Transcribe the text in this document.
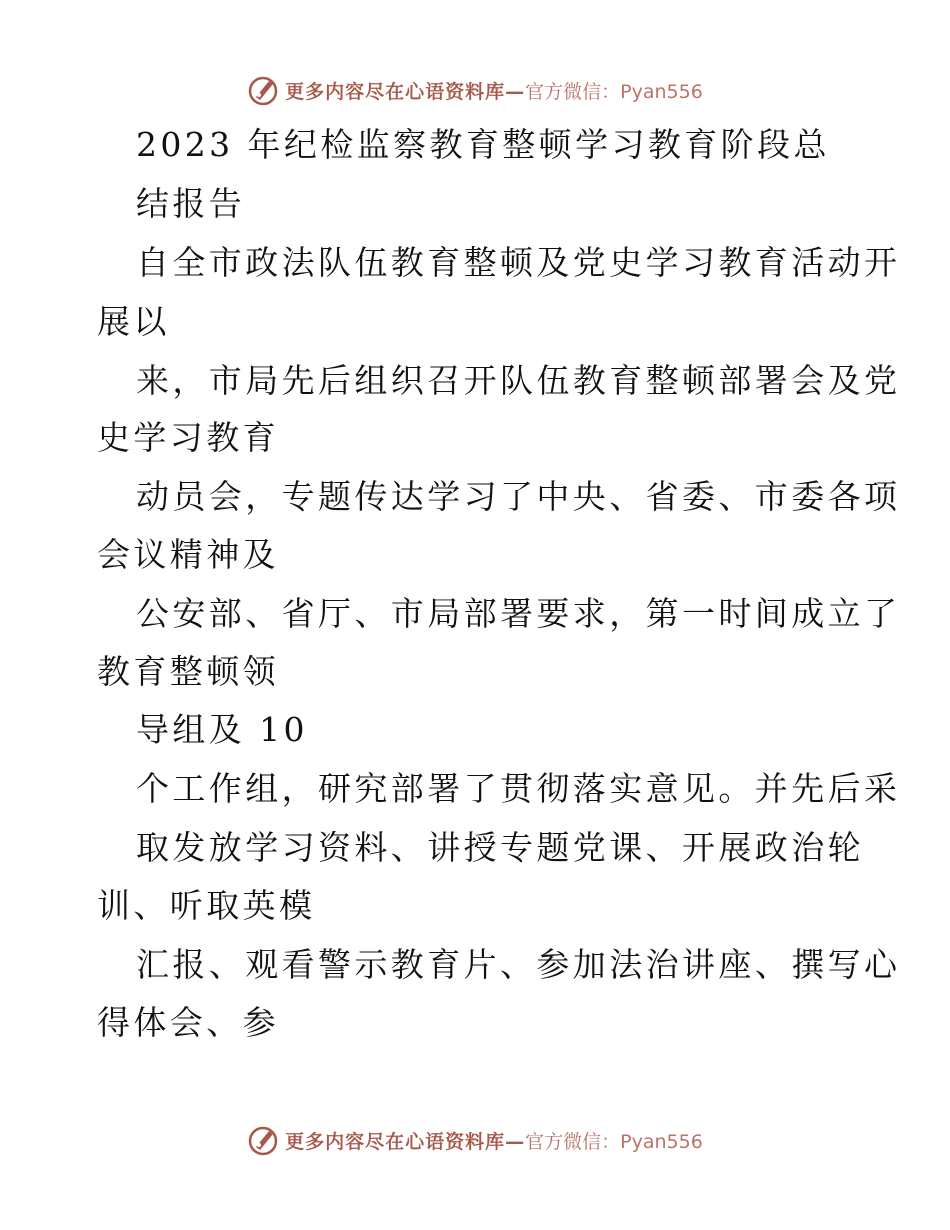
更多内容尽在心语资料库— 官方微信：Pyan556

2023 年纪检监察教育整顿学习教育阶段总

结报告

自全市政法队伍教育整顿及党史学习教育活动开

展以

来，市局先后组织召开队伍教育整顿部署会及党

史学习教育

动员会，专题传达学习了中央、省委、市委各项

会议精神及

公安部、省厅、市局部署要求，第一时间成立了

教育整顿领

导组及 10

个工作组，研究部署了贯彻落实意见。并先后采

取发放学习资料、讲授专题党课、开展政治轮

训、听取英模

汇报、观看警示教育片、参加法治讲座、撰写心

得体会、参

更多内容尽在心语资料库— 官方微信：Pyan556
